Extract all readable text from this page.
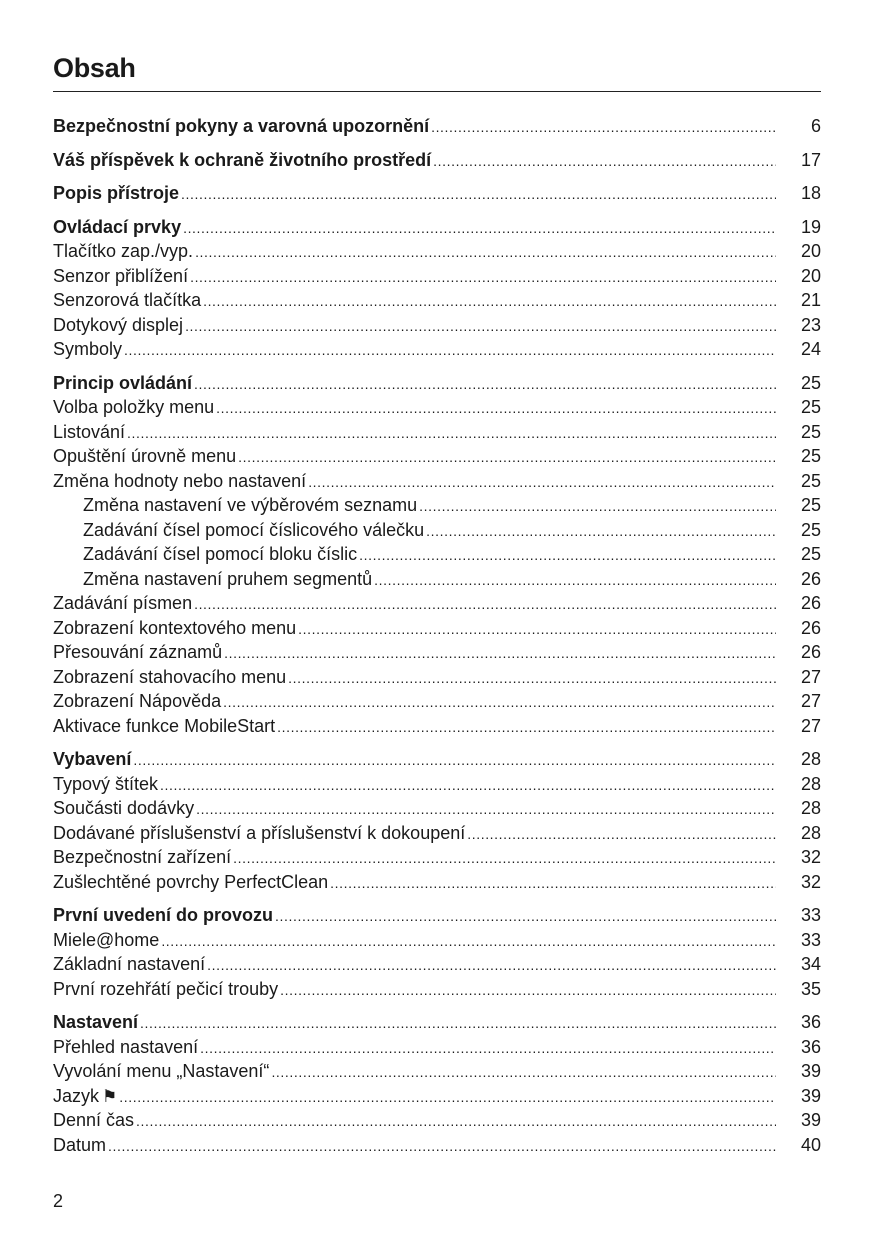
Obsah
Bezpečnostní pokyny a varovná upozornění .....	6
Váš příspěvek k ochraně životního prostředí .....	17
Popis přístroje .....	18
Ovládací prvky .....	19
Tlačítko zap./vyp. .....	20
Senzor přiblížení .....	20
Senzorová tlačítka .....	21
Dotykový displej .....	23
Symboly .....	24
Princip ovládání .....	25
Volba položky menu .....	25
Listování .....	25
Opuštění úrovně menu .....	25
Změna hodnoty nebo nastavení .....	25
Změna nastavení ve výběrovém seznamu .....	25
Zadávání čísel pomocí číslicového válečku .....	25
Zadávání čísel pomocí bloku číslic .....	25
Změna nastavení pruhem segmentů .....	26
Zadávání písmen .....	26
Zobrazení kontextového menu .....	26
Přesouvání záznamů .....	26
Zobrazení stahovacího menu .....	27
Zobrazení Nápověda .....	27
Aktivace funkce MobileStart .....	27
Vybavení .....	28
Typový štítek .....	28
Součásti dodávky .....	28
Dodávané příslušenství a příslušenství k dokoupení .....	28
Bezpečnostní zařízení .....	32
Zušlechtěné povrchy PerfectClean .....	32
První uvedení do provozu .....	33
Miele@home .....	33
Základní nastavení .....	34
První rozehřátí pečicí trouby .....	35
Nastavení .....	36
Přehled nastavení .....	36
Vyvolání menu „Nastavení“ .....	39
Jazyk ⚑ .....	39
Denní čas .....	39
Datum .....	40
2
